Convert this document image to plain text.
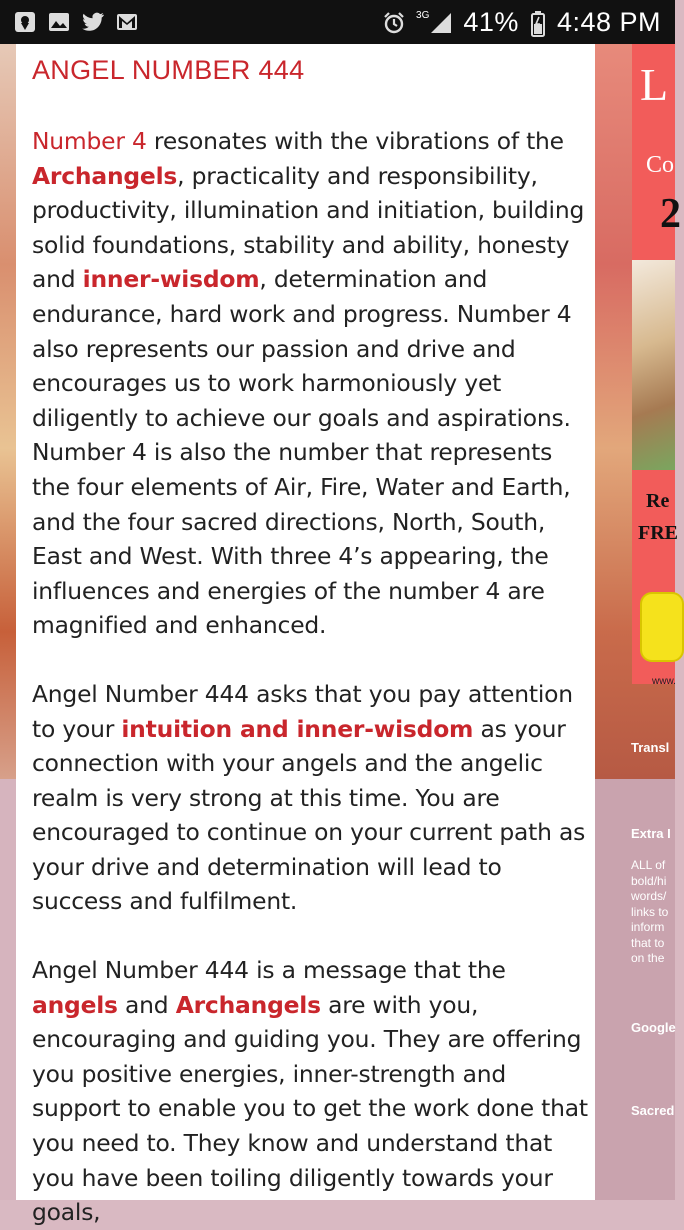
3G 41% 4:48 PM
L
Co
2
Re
FRE
www.
Transl
Extra I
ALL of
bold/hi
words/
links to
inform
that to
on the
Google
Sacred
ANGEL NUMBER 444

Number 4 resonates with the vibrations of the Archangels, practicality and responsibility, productivity, illumination and initiation, building solid foundations, stability and ability, honesty and inner-wisdom, determination and endurance, hard work and progress. Number 4 also represents our passion and drive and encourages us to work harmoniously yet diligently to achieve our goals and aspirations. Number 4 is also the number that represents the four elements of Air, Fire, Water and Earth, and the four sacred directions, North, South, East and West. With three 4’s appearing, the influences and energies of the number 4 are magnified and enhanced.

Angel Number 444 asks that you pay attention to your intuition and inner-wisdom as your connection with your angels and the angelic realm is very strong at this time. You are encouraged to continue on your current path as your drive and determination will lead to success and fulfilment.

Angel Number 444 is a message that the angels and Archangels are with you, encouraging and guiding you. They are offering you positive energies, inner-strength and support to enable you to get the work done that you need to. They know and understand that you have been toiling diligently towards your goals,
